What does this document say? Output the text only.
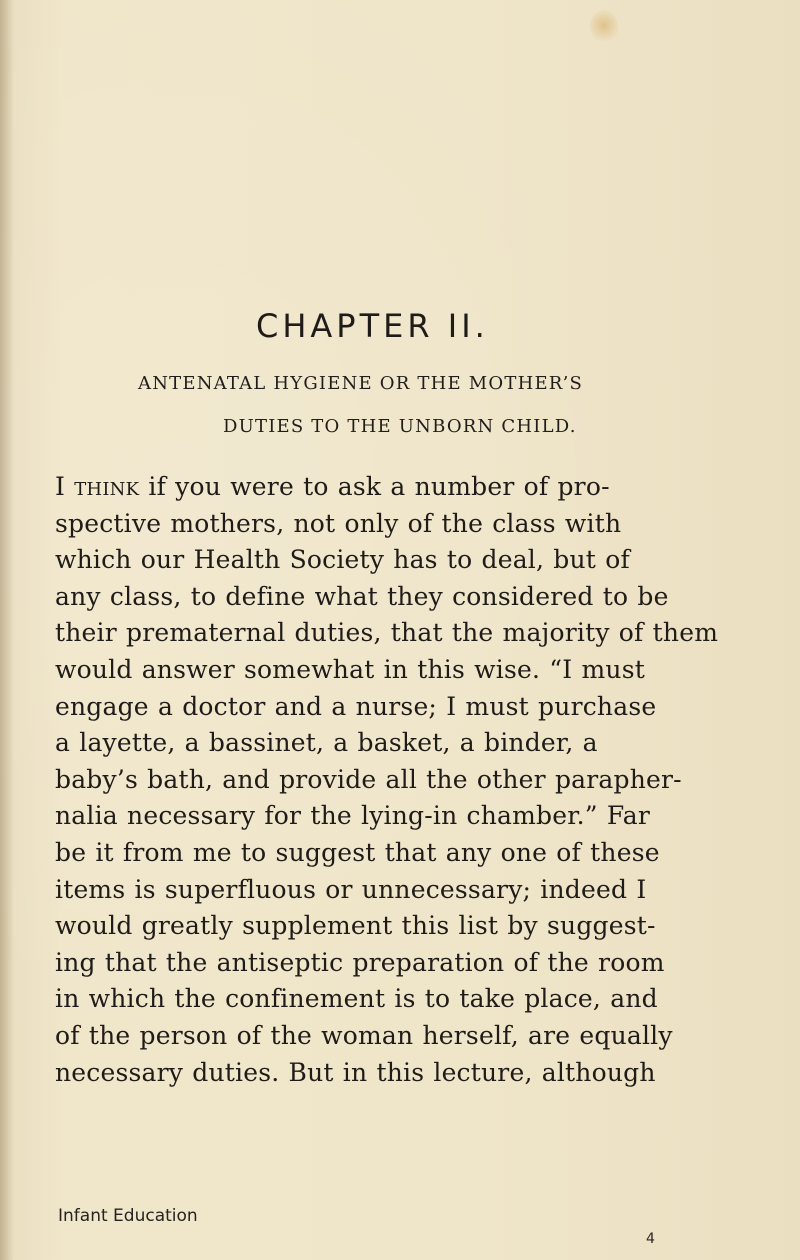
CHAPTER II.
ANTENATAL HYGIENE OR THE MOTHER’S
DUTIES TO THE UNBORN CHILD.
I think if you were to ask a number of pro-
spective mothers, not only of the class with
which our Health Society has to deal, but of
any class, to define what they considered to be
their prematernal duties, that the majority of them
would answer somewhat in this wise. “I must
engage a doctor and a nurse; I must purchase
a layette, a bassinet, a basket, a binder, a
baby’s bath, and provide all the other parapher-
nalia necessary for the lying-in chamber.” Far
be it from me to suggest that any one of these
items is superfluous or unnecessary; indeed I
would greatly supplement this list by suggest-
ing that the antiseptic preparation of the room
in which the confinement is to take place, and
of the person of the woman herself, are equally
necessary duties. But in this lecture, although
Infant Education
4
